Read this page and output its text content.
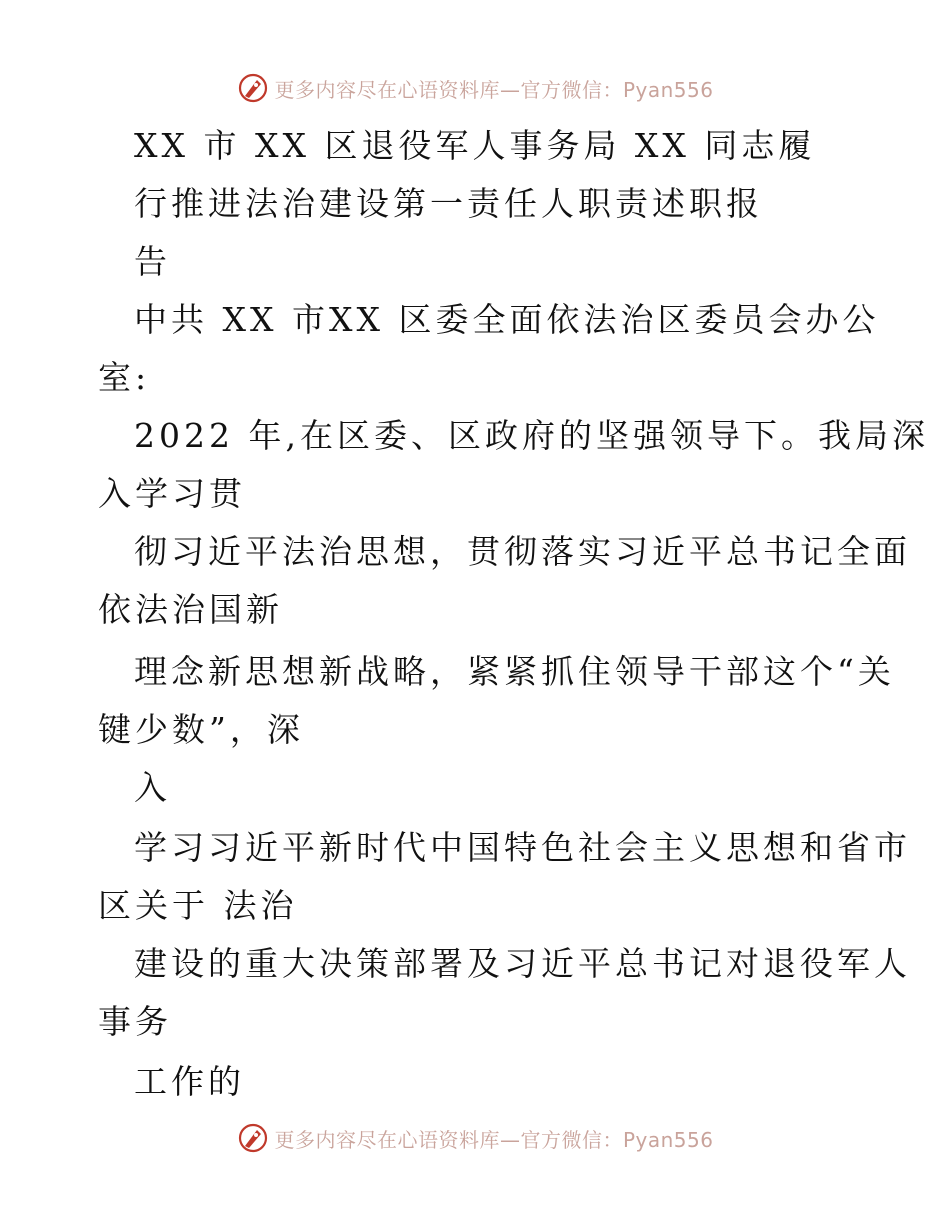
更多内容尽在心语资料库—官方微信：Pyan556
XX 市 XX 区退役军人事务局 XX 同志履
行推进法治建设第一责任人职责述职报
告
中共 XX 市XX 区委全面依法治区委员会办公
室:
2022 年,在区委、区政府的坚强领导下。我局深
入学习贯
彻习近平法治思想，贯彻落实习近平总书记全面
依法治国新
理念新思想新战略，紧紧抓住领导干部这个“关
键少数”，深
入
学习习近平新时代中国特色社会主义思想和省市
区关于 法治
建设的重大决策部署及习近平总书记对退役军人
事务
工作的
更多内容尽在心语资料库—官方微信：Pyan556
